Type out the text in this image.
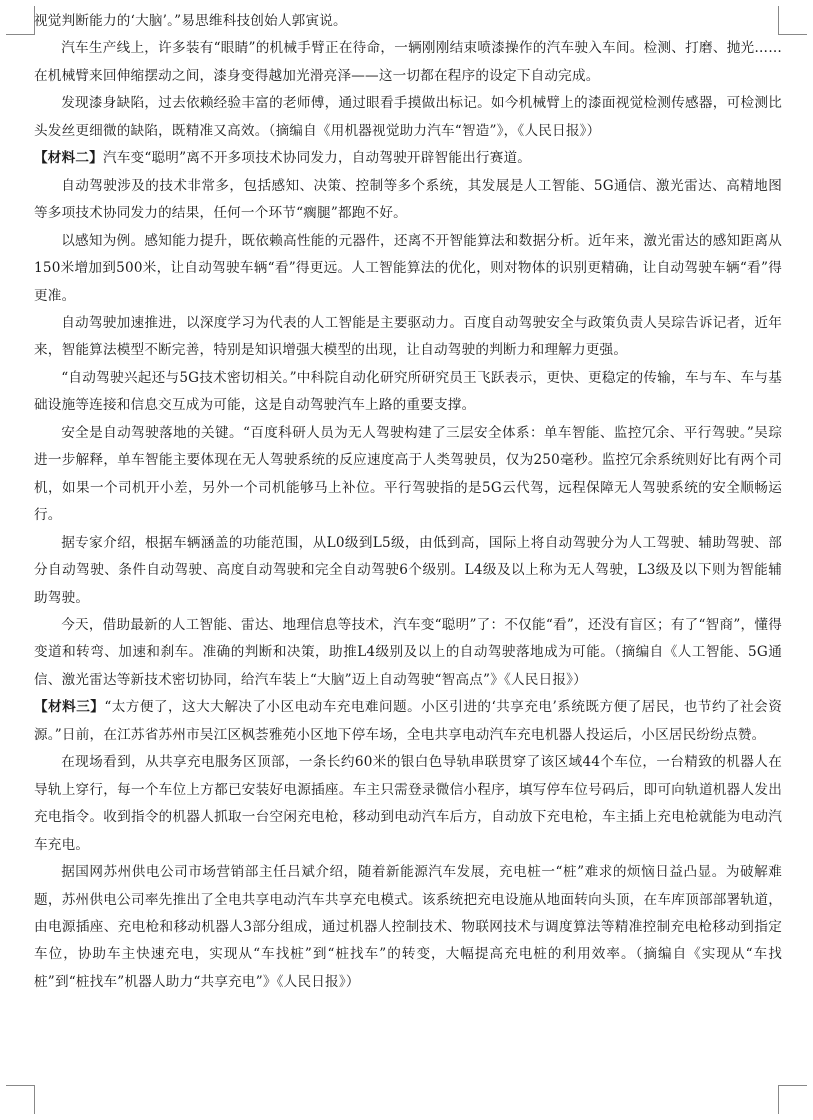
视觉判断能力的‘大脑’。”易思维科技创始人郭寅说。

汽车生产线上，许多装有“眼睛”的机械手臂正在待命，一辆刚刚结束喷漆操作的汽车驶入车间。检测、打磨、抛光……在机械臂来回伸缩摆动之间，漆身变得越加光滑亮泽——这一切都在程序的设定下自动完成。

发现漆身缺陷，过去依赖经验丰富的老师傅，通过眼看手摸做出标记。如今机械臂上的漆面视觉检测传感器，可检测比头发丝更细微的缺陷，既精准又高效。（摘编自《用机器视觉助力汽车“智造”》，《人民日报》）

【材料二】汽车变“聪明”离不开多项技术协同发力，自动驾驶开辟智能出行赛道。

自动驾驶涉及的技术非常多，包括感知、决策、控制等多个系统，其发展是人工智能、5G通信、激光雷达、高精地图等多项技术协同发力的结果，任何一个环节“瘸腿”都跑不好。

以感知为例。感知能力提升，既依赖高性能的元器件，还离不开智能算法和数据分析。近年来，激光雷达的感知距离从150米增加到500米，让自动驾驶车辆“看”得更远。人工智能算法的优化，则对物体的识别更精确，让自动驾驶车辆“看”得更准。

自动驾驶加速推进，以深度学习为代表的人工智能是主要驱动力。百度自动驾驶安全与政策负责人吴琮告诉记者，近年来，智能算法模型不断完善，特别是知识增强大模型的出现，让自动驾驶的判断力和理解力更强。

“自动驾驶兴起还与5G技术密切相关。”中科院自动化研究所研究员王飞跃表示，更快、更稳定的传输，车与车、车与基础设施等连接和信息交互成为可能，这是自动驾驶汽车上路的重要支撑。

安全是自动驾驶落地的关键。“百度科研人员为无人驾驶构建了三层安全体系：单车智能、监控冗余、平行驾驶。”吴琮进一步解释，单车智能主要体现在无人驾驶系统的反应速度高于人类驾驶员，仅为250毫秒。监控冗余系统则好比有两个司机，如果一个司机开小差，另外一个司机能够马上补位。平行驾驶指的是5G云代驾，远程保障无人驾驶系统的安全顺畅运行。

据专家介绍，根据车辆涵盖的功能范围，从L0级到L5级，由低到高，国际上将自动驾驶分为人工驾驶、辅助驾驶、部分自动驾驶、条件自动驾驶、高度自动驾驶和完全自动驾驶6个级别。L4级及以上称为无人驾驶，L3级及以下则为智能辅助驾驶。

今天，借助最新的人工智能、雷达、地理信息等技术，汽车变“聪明”了：不仅能“看”，还没有盲区；有了“智商”，懂得变道和转弯、加速和刹车。准确的判断和决策，助推L4级别及以上的自动驾驶落地成为可能。（摘编自《人工智能、5G通信、激光雷达等新技术密切协同，给汽车装上“大脑”迈上自动驾驶“智高点”》《人民日报》）

【材料三】“太方便了，这大大解决了小区电动车充电难问题。小区引进的‘共享充电’系统既方便了居民，也节约了社会资源。”日前，在江苏省苏州市吴江区枫荟雅苑小区地下停车场，全电共享电动汽车充电机器人投运后，小区居民纷纷点赞。

在现场看到，从共享充电服务区顶部，一条长约60米的银白色导轨串联贯穿了该区域44个车位，一台精致的机器人在导轨上穿行，每一个车位上方都已安装好电源插座。车主只需登录微信小程序，填写停车位号码后，即可向轨道机器人发出充电指令。收到指令的机器人抓取一台空闲充电枪，移动到电动汽车后方，自动放下充电枪，车主插上充电枪就能为电动汽车充电。

据国网苏州供电公司市场营销部主任吕斌介绍，随着新能源汽车发展，充电桩一“桩”难求的烦恼日益凸显。为破解难题，苏州供电公司率先推出了全电共享电动汽车共享充电模式。该系统把充电设施从地面转向头顶，在车库顶部部署轨道，由电源插座、充电枪和移动机器人3部分组成，通过机器人控制技术、物联网技术与调度算法等精准控制充电枪移动到指定车位，协助车主快速充电，实现从“车找桩”到“桩找车”的转变，大幅提高充电桩的利用效率。（摘编自《实现从“车找桩”到“桩找车”机器人助力“共享充电”》《人民日报》）
